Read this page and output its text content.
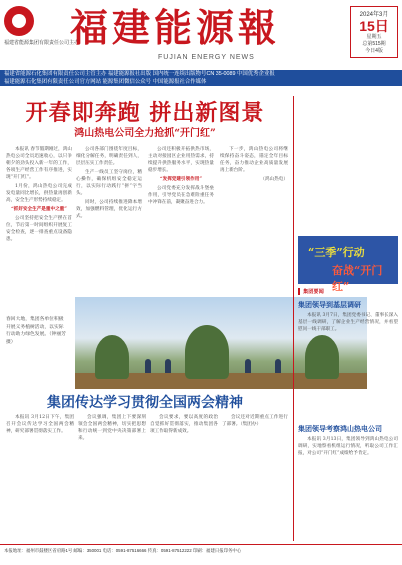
福建省能源集团有限责任公司主办
福建能源報
FUJIAN ENERGY NEWS
2024年3月
15日
星期五
总第515期
今日4版
福建省能源石化集团有限责任公司主管主办 福建能源报社出版 国内统一连续出版物号CN 35-0089 中国优秀企业报
福建能源石化集团有限责任公司官方网站 能源集团微信公众号 中国能源报社合作媒体
开春即奔跑 拼出新图景
鸿山热电公司全力抢抓“开门红”

本报讯 春节假期刚过，鸿山热电公司全员迅速收心，以只争朝夕的劲头投入新一年的工作，各项生产经营工作有序推进，实现“开门红”。

1月份，鸿山热电公司完成发电量同比增长，供热量再创新高，安全生产形势持续稳定。

“抓好安全生产是重中之重”

公司坚持把安全生产摆在首位，节后第一时间组织开展复工安全检查，逐一排查重点设备隐患。

公司各部门围绕年度目标，细化分解任务，明确责任到人，层层压实工作责任。

生产一线员工坚守岗位，精心操作，确保机组安全稳定运行，以实际行动践行“拼”字当头。

同时，公司持续推进降本增效，加强燃料管理，优化运行方式。

公司还积极开拓供热市场，主动对接园区企业用热需求，持续提升供热服务水平，实现热量稳步增长。

“发挥党建引领作用”

公司党委充分发挥战斗堡垒作用，引导党员在急难险重任务中冲锋在前，凝聚奋进合力。

下一步，鸿山热电公司将继续保持奋斗姿态，锚定全年目标任务，奋力推动企业高质量发展再上新台阶。

（鸿山热电）

春回大地，集团各单位积极开展义务植树活动，以实际行动助力绿色发展。（钟丽芳 摄）
集团传达学习贯彻全国两会精神

本报讯 3月12日下午，集团召开会议传达学习全国两会精神，研究部署贯彻落实工作。

会议强调，集团上下要深刻领会全国两会精神，切实把思想和行动统一到党中央决策部署上来。

会议要求，要以高度的政治自觉抓好贯彻落实，推动集团各项工作取得新成效。

会议还对近期重点工作进行了部署。（集团办）

“三季”行动
奋战“开门红”
集团要闻
集团领导到基层调研

本报讯 3月7日，集团党委书记、董事长深入基层一线调研，了解企业生产经营情况，并看望慰问一线干部职工。

集团领导考察鸿山热电公司

本报讯 3月13日，集团领导到鸿山热电公司调研，实地察看机组运行情况，听取公司工作汇报，对公司“开门红”成绩给予肯定。

本报地址：福州市鼓楼区省府路1号 邮编：350001 电话：0591-87516666 传真：0591-87512222 印刷：福建日报印务中心
